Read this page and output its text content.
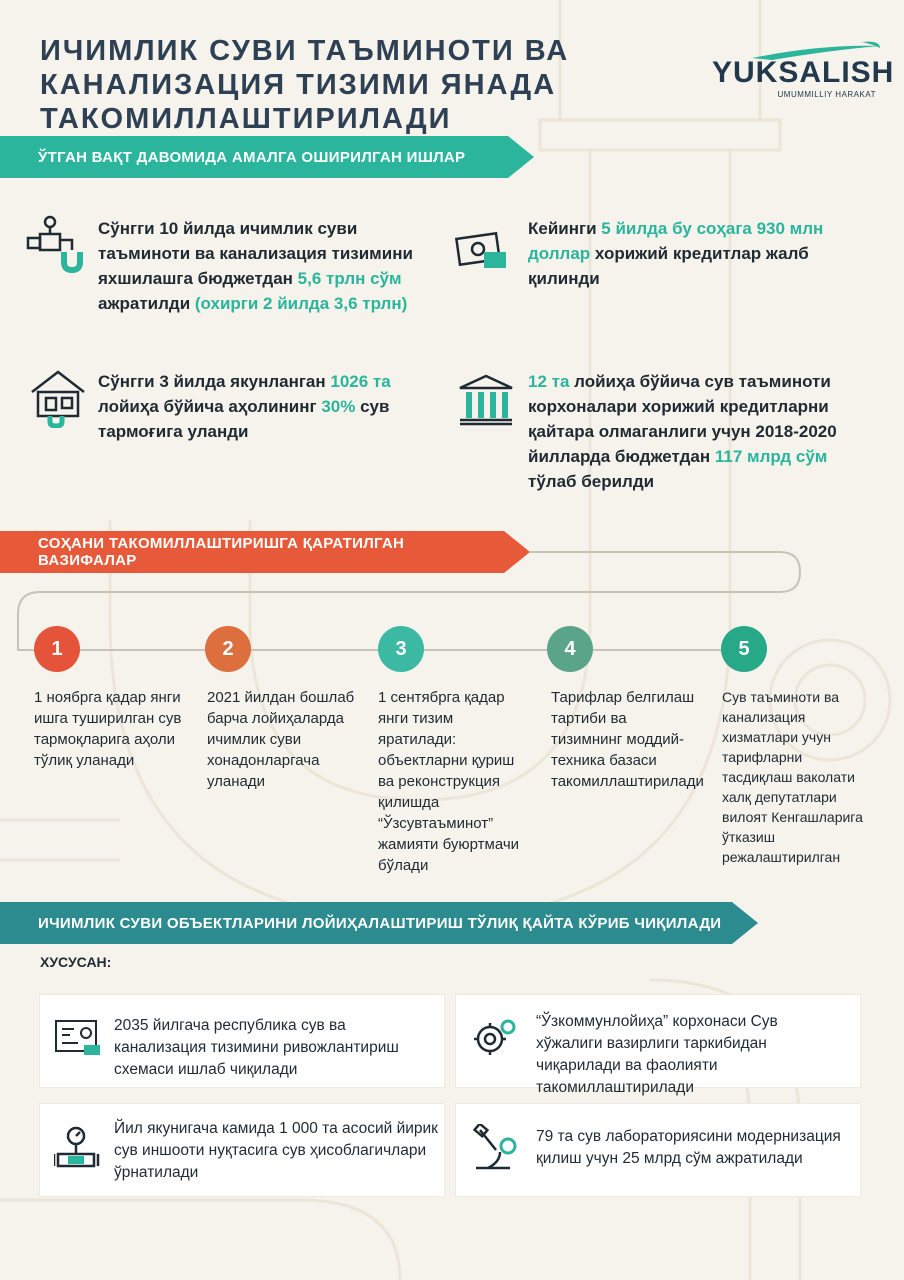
ИЧИМЛИК СУВИ ТАЪМИНОТИ ВА КАНАЛИЗАЦИЯ ТИЗИМИ ЯНАДА ТАКОМИЛЛАШТИРИЛАДИ
YUKSALISH
UMUMMILLIY HARAKAT
ЎТГАН ВАҚТ ДАВОМИДА АМАЛГА ОШИРИЛГАН ИШЛАР
Сўнгги 10 йилда ичимлик суви таъминоти ва канализация тизимини яхшилашга бюджетдан 5,6 трлн сўм ажратилди (охирги 2 йилда 3,6 трлн)
Кейинги 5 йилда бу соҳага 930 млн доллар хорижий кредитлар жалб қилинди
Сўнгги 3 йилда якунланган 1026 та лойиҳа бўйича аҳолининг 30% сув тармоғига уланди
12 та лойиҳа бўйича сув таъминоти корхоналари хорижий кредитларни қайтара олмаганлиги учун 2018-2020 йилларда бюджетдан 117 млрд сўм тўлаб берилди
СОҲАНИ ТАКОМИЛЛАШТИРИШГА ҚАРАТИЛГАН ВАЗИФАЛАР
1
1 ноябрга қадар янги ишга туширилган сув тармоқларига аҳоли тўлиқ уланади
2
2021 йилдан бошлаб барча лойиҳаларда ичимлик суви хонадонларгача уланади
3
1 сентябрга қадар янги тизим яратилади: объектларни қуриш ва реконструкция қилишда “Ўзсувтаъминот” жамияти буюртмачи бўлади
4
Тарифлар белгилаш тартиби ва тизимнинг моддий-техника базаси такомиллаштирилади
5
Сув таъминоти ва канализация хизматлари учун тарифларни тасдиқлаш ваколати халқ депутатлари вилоят Кенгашларига ўтказиш режалаштирилган
ИЧИМЛИК СУВИ ОБЪЕКТЛАРИНИ ЛОЙИҲАЛАШТИРИШ ТЎЛИҚ ҚАЙТА КЎРИБ ЧИҚИЛАДИ
ХУСУСАН:
2035 йилгача республика сув ва канализация тизимини ривожлантириш схемаси ишлаб чиқилади
“Ўзкоммунлойиҳа” корхонаси Сув хўжалиги вазирлиги таркибидан чиқарилади ва фаолияти такомиллаштирилади
Йил якунигача камида 1 000 та асосий йирик сув иншооти нуқтасига сув ҳисоблагичлари ўрнатилади
79 та сув лабораториясини модернизация қилиш учун 25 млрд сўм ажратилади
